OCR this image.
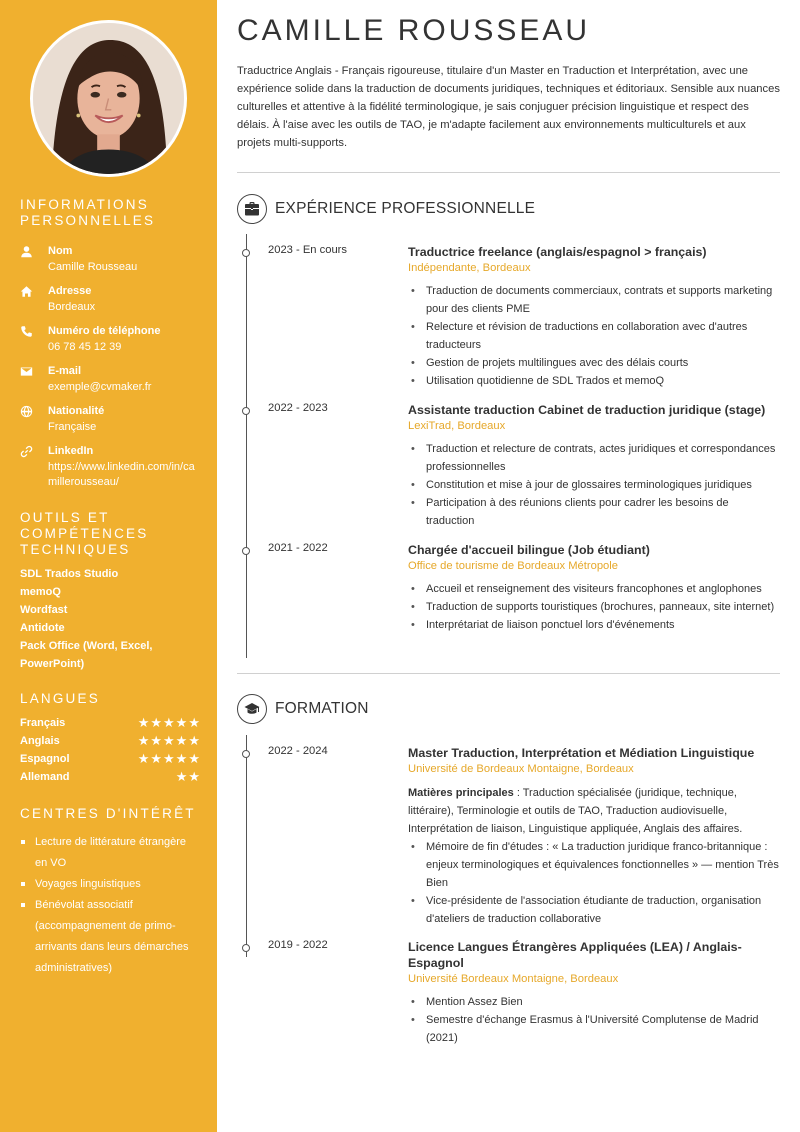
INFORMATIONS PERSONNELLES
Nom
Camille Rousseau
Adresse
Bordeaux
Numéro de téléphone
06 78 45 12 39
E-mail
exemple@cvmaker.fr
Nationalité
Française
LinkedIn
https://www.linkedin.com/in/camillerousseau/
OUTILS ET COMPÉTENCES TECHNIQUES
SDL Trados Studio
memoQ
Wordfast
Antidote
Pack Office (Word, Excel, PowerPoint)
LANGUES
Français	★★★★★
Anglais	★★★★★
Espagnol	★★★★★
Allemand	★★
CENTRES D'INTÉRÊT
Lecture de littérature étrangère en VO
Voyages linguistiques
Bénévolat associatif (accompagnement de primo-arrivants dans leurs démarches administratives)
CAMILLE ROUSSEAU

Traductrice Anglais - Français rigoureuse, titulaire d'un Master en Traduction et Interprétation, avec une expérience solide dans la traduction de documents juridiques, techniques et éditoriaux. Sensible aux nuances culturelles et attentive à la fidélité terminologique, je sais conjuguer précision linguistique et respect des délais. À l'aise avec les outils de TAO, je m'adapte facilement aux environnements multiculturels et aux projets multi-supports.

EXPÉRIENCE PROFESSIONNELLE
2023 - En cours	Traductrice freelance (anglais/espagnol > français)
Indépendante, Bordeaux
• Traduction de documents commerciaux, contrats et supports marketing pour des clients PME
• Relecture et révision de traductions en collaboration avec d'autres traducteurs
• Gestion de projets multilingues avec des délais courts
• Utilisation quotidienne de SDL Trados et memoQ
2022 - 2023	Assistante traduction Cabinet de traduction juridique (stage)
LexiTrad, Bordeaux
• Traduction et relecture de contrats, actes juridiques et correspondances professionnelles
• Constitution et mise à jour de glossaires terminologiques juridiques
• Participation à des réunions clients pour cadrer les besoins de traduction
2021 - 2022	Chargée d'accueil bilingue (Job étudiant)
Office de tourisme de Bordeaux Métropole
• Accueil et renseignement des visiteurs francophones et anglophones
• Traduction de supports touristiques (brochures, panneaux, site internet)
• Interprétariat de liaison ponctuel lors d'événements
FORMATION
2022 - 2024	Master Traduction, Interprétation et Médiation Linguistique
Université de Bordeaux Montaigne, Bordeaux

Matières principales : Traduction spécialisée (juridique, technique, littéraire), Terminologie et outils de TAO, Traduction audiovisuelle, Interprétation de liaison, Linguistique appliquée, Anglais des affaires.

• Mémoire de fin d'études : « La traduction juridique franco-britannique : enjeux terminologiques et équivalences fonctionnelles » — mention Très Bien
• Vice-présidente de l'association étudiante de traduction, organisation d'ateliers de traduction collaborative
2019 - 2022	Licence Langues Étrangères Appliquées (LEA) / Anglais-Espagnol
Université Bordeaux Montaigne, Bordeaux
• Mention Assez Bien
• Semestre d'échange Erasmus à l'Université Complutense de Madrid (2021)
